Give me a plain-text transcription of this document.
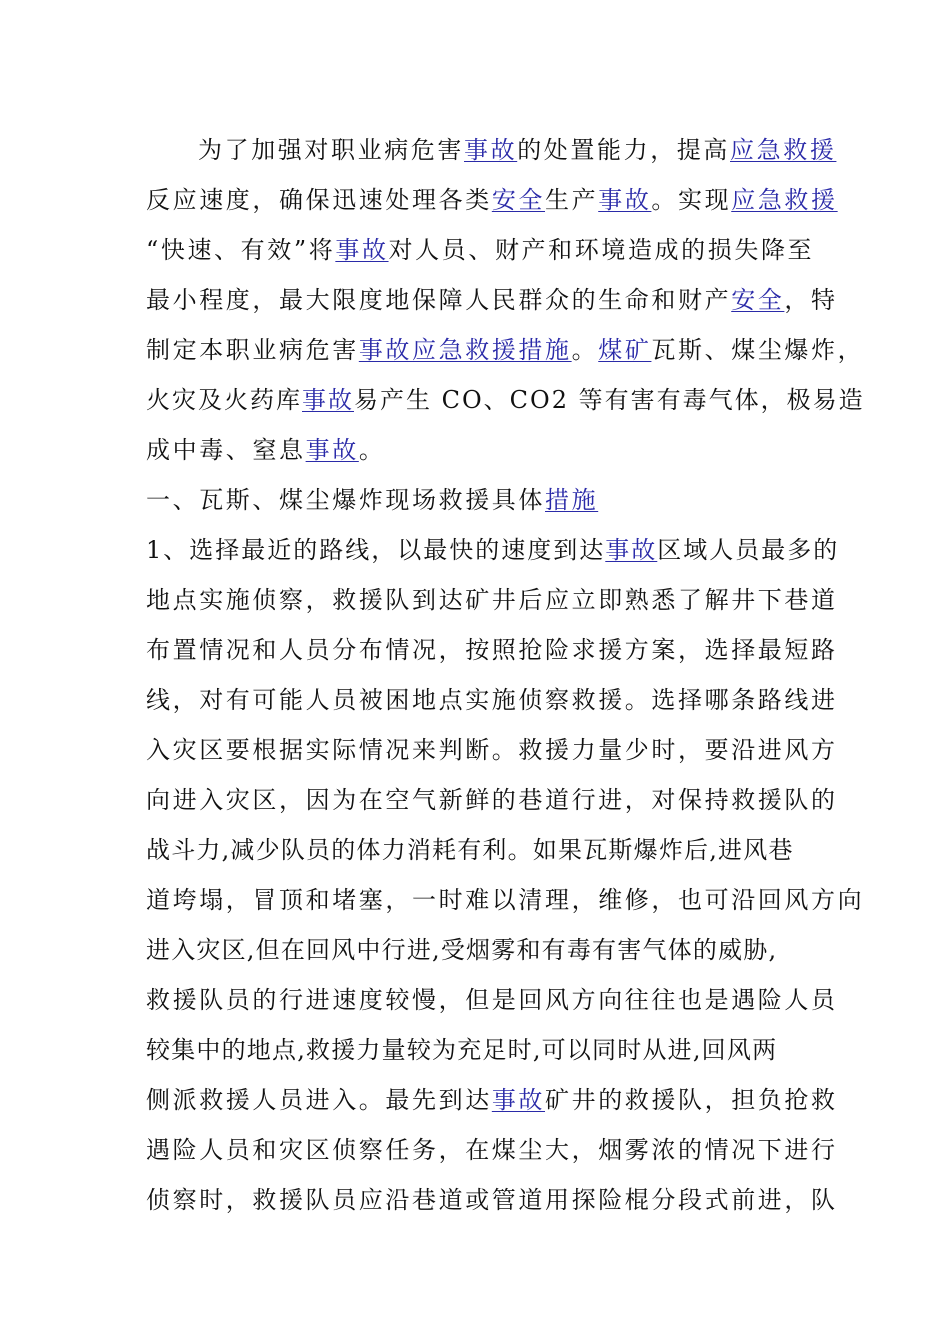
为了加强对职业病危害事故的处置能力，提高应急救援
反应速度，确保迅速处理各类安全生产事故。实现应急救援
“快速、有效”将事故对人员、财产和环境造成的损失降至
最小程度，最大限度地保障人民群众的生命和财产安全，特
制定本职业病危害事故应急救援措施。煤矿瓦斯、煤尘爆炸，
火灾及火药库事故易产生 CO、CO2 等有害有毒气体，极易造
成中毒、窒息事故。
一、瓦斯、煤尘爆炸现场救援具体措施
1、选择最近的路线，以最快的速度到达事故区域人员最多的
地点实施侦察，救援队到达矿井后应立即熟悉了解井下巷道
布置情况和人员分布情况，按照抢险求援方案，选择最短路
线，对有可能人员被困地点实施侦察救援。选择哪条路线进
入灾区要根据实际情况来判断。救援力量少时，要沿进风方
向进入灾区，因为在空气新鲜的巷道行进，对保持救援队的
战斗力,减少队员的体力消耗有利。如果瓦斯爆炸后,进风巷
道垮塌，冒顶和堵塞，一时难以清理，维修，也可沿回风方向
进入灾区,但在回风中行进,受烟雾和有毒有害气体的威胁,
救援队员的行进速度较慢，但是回风方向往往也是遇险人员
较集中的地点,救援力量较为充足时,可以同时从进,回风两
侧派救援人员进入。最先到达事故矿井的救援队，担负抢救
遇险人员和灾区侦察任务，在煤尘大，烟雾浓的情况下进行
侦察时，救援队员应沿巷道或管道用探险棍分段式前进，队
